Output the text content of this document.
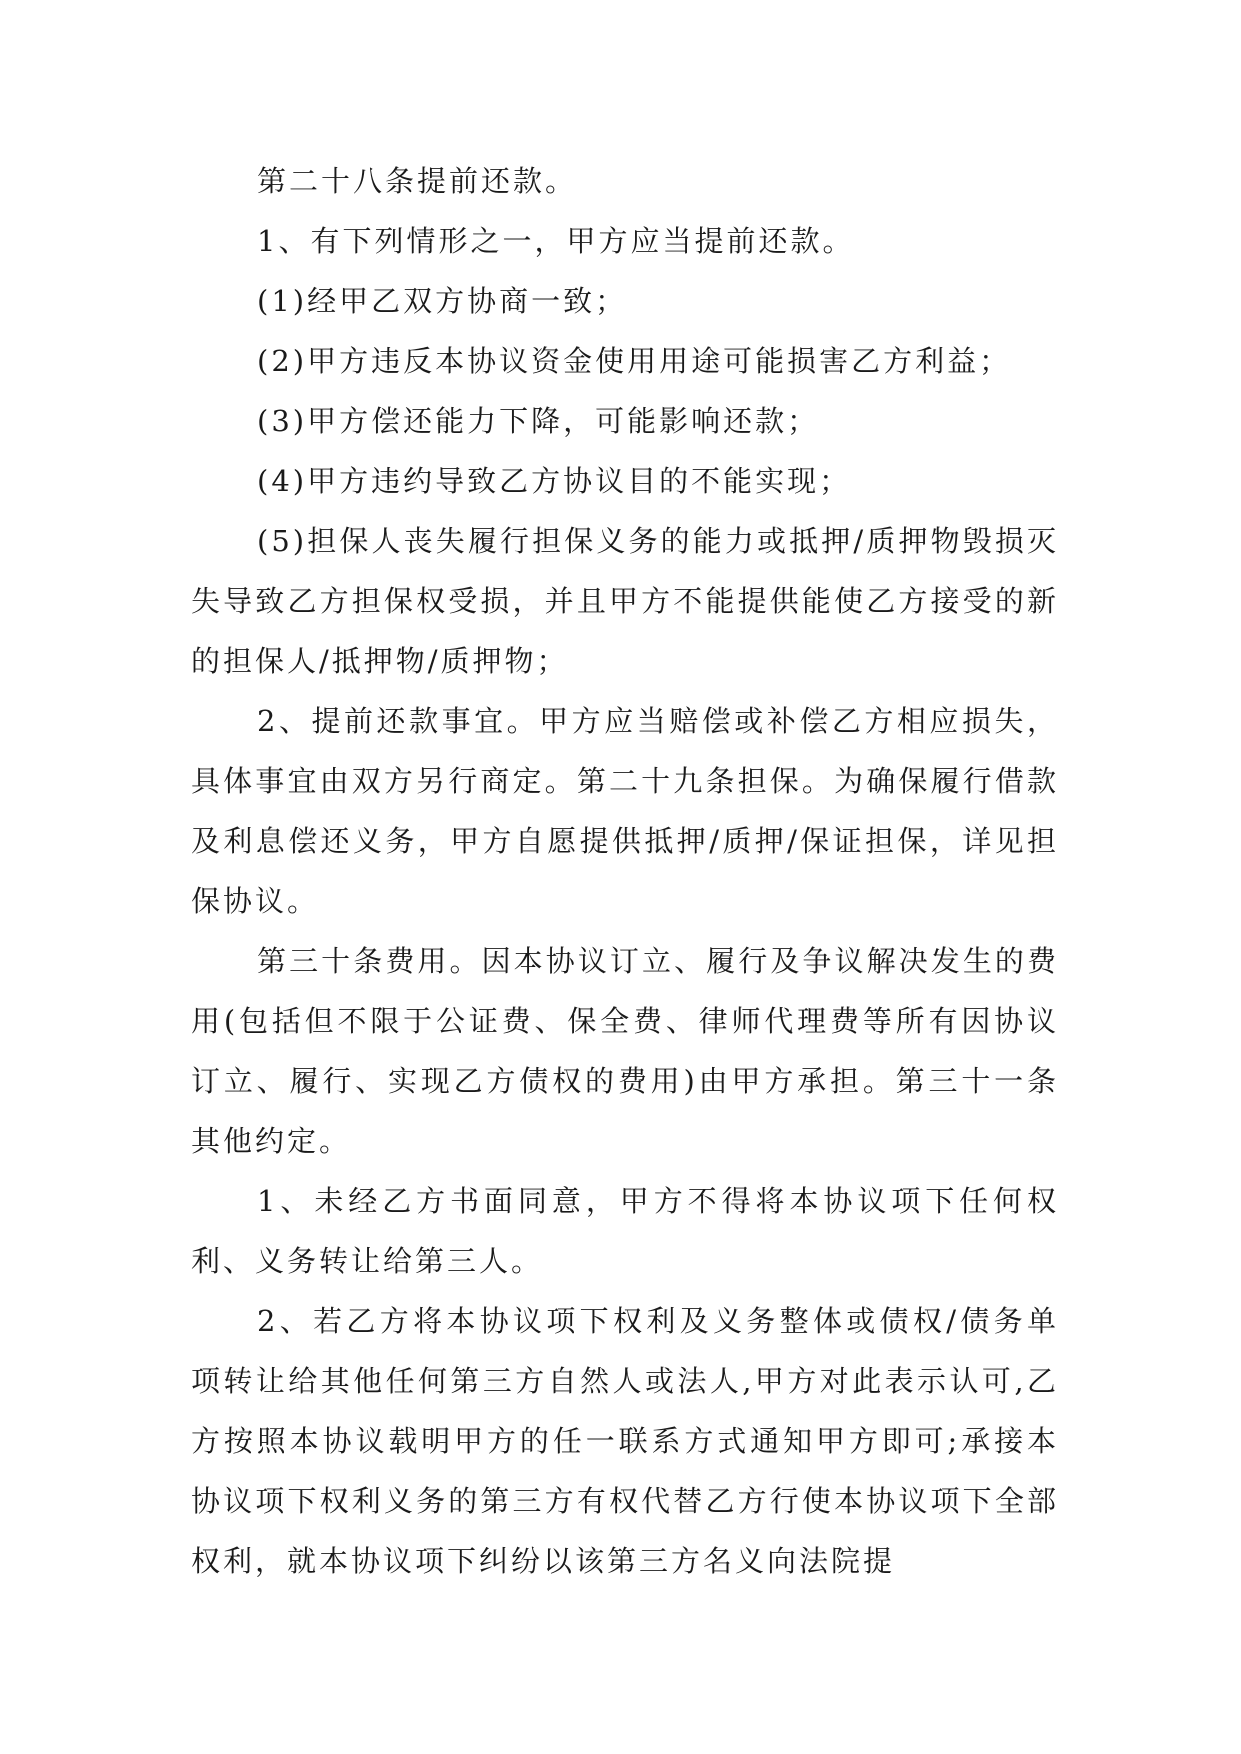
第二十八条提前还款。

1、有下列情形之一，甲方应当提前还款。

(1)经甲乙双方协商一致；

(2)甲方违反本协议资金使用用途可能损害乙方利益；

(3)甲方偿还能力下降，可能影响还款；

(4)甲方违约导致乙方协议目的不能实现；

(5)担保人丧失履行担保义务的能力或抵押/质押物毁损灭失导致乙方担保权受损，并且甲方不能提供能使乙方接受的新的担保人/抵押物/质押物；

2、提前还款事宜。甲方应当赔偿或补偿乙方相应损失，具体事宜由双方另行商定。第二十九条担保。为确保履行借款及利息偿还义务，甲方自愿提供抵押/质押/保证担保，详见担保协议。

第三十条费用。因本协议订立、履行及争议解决发生的费用(包括但不限于公证费、保全费、律师代理费等所有因协议订立、履行、实现乙方债权的费用)由甲方承担。第三十一条其他约定。

1、未经乙方书面同意，甲方不得将本协议项下任何权利、义务转让给第三人。

2、若乙方将本协议项下权利及义务整体或债权/债务单项转让给其他任何第三方自然人或法人,甲方对此表示认可,乙方按照本协议载明甲方的任一联系方式通知甲方即可;承接本协议项下权利义务的第三方有权代替乙方行使本协议项下全部权利，就本协议项下纠纷以该第三方名义向法院提
